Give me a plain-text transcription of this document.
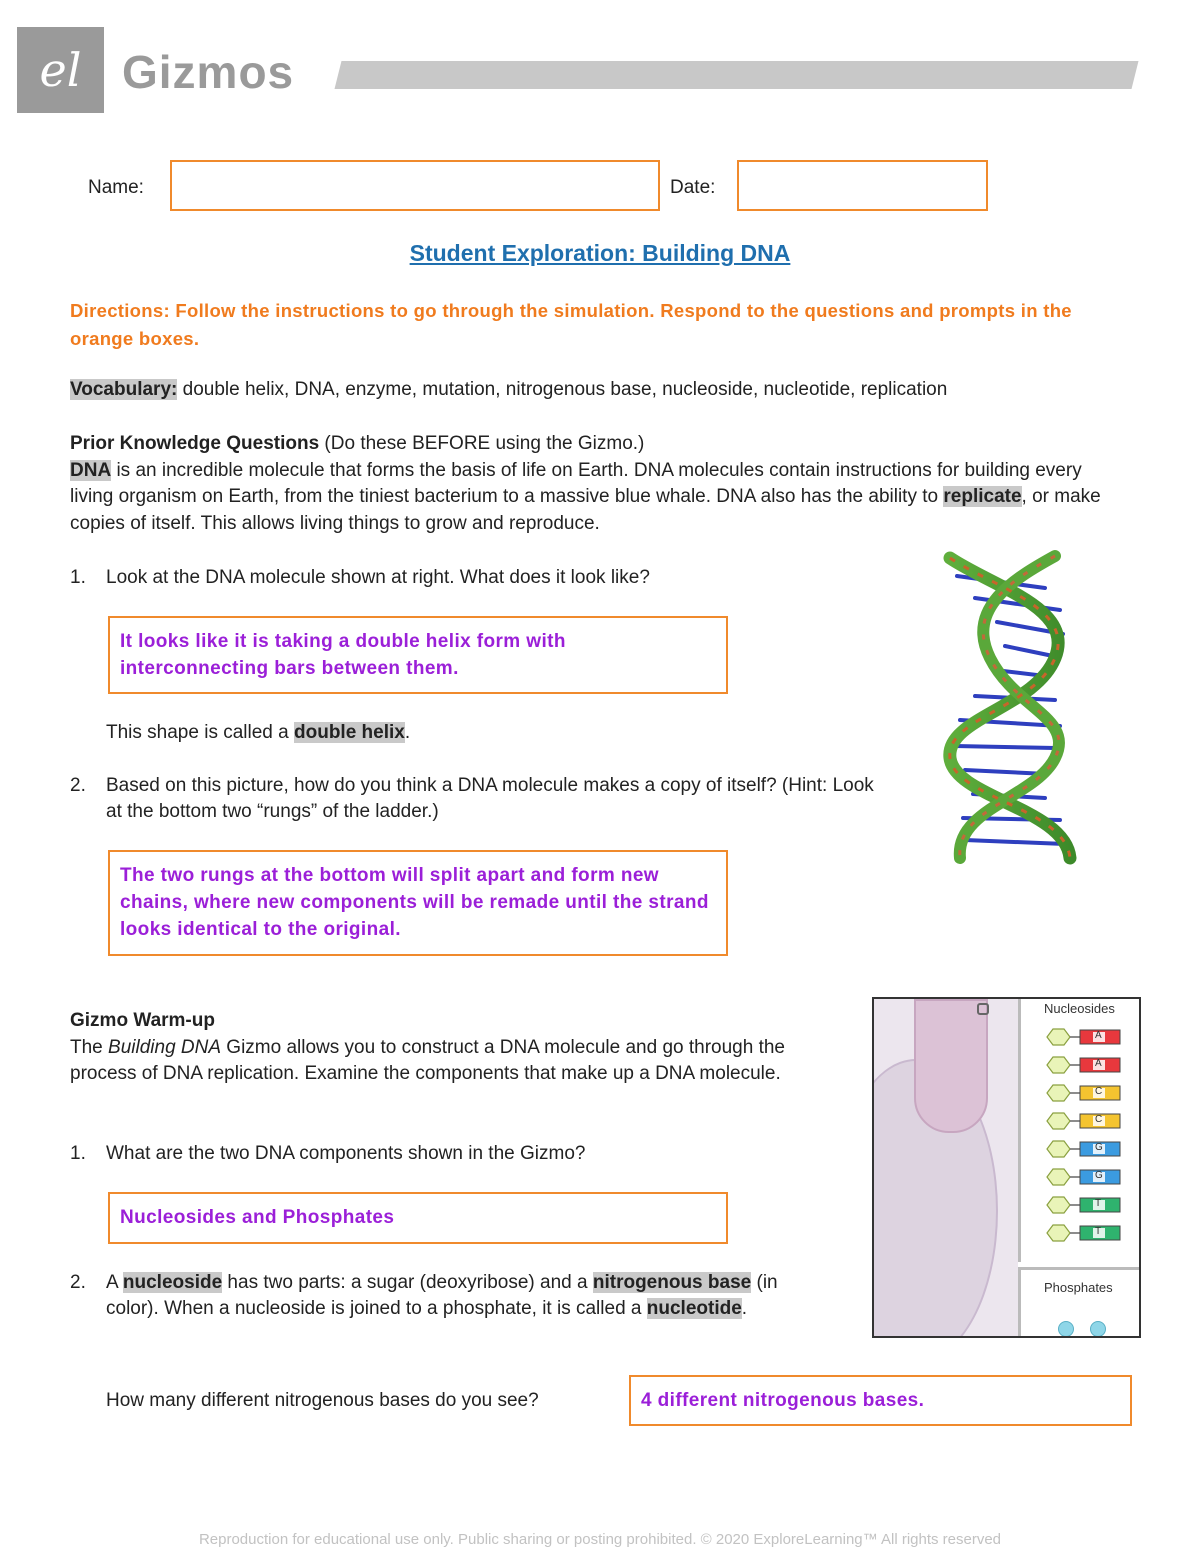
el Gizmos
Name:	Date:
Student Exploration: Building DNA
Directions: Follow the instructions to go through the simulation. Respond to the questions and prompts in the orange boxes.
Vocabulary: double helix, DNA, enzyme, mutation, nitrogenous base, nucleoside, nucleotide, replication
Prior Knowledge Questions (Do these BEFORE using the Gizmo.)
DNA is an incredible molecule that forms the basis of life on Earth. DNA molecules contain instructions for building every living organism on Earth, from the tiniest bacterium to a massive blue whale. DNA also has the ability to replicate, or make copies of itself. This allows living things to grow and reproduce.
1.	Look at the DNA molecule shown at right. What does it look like?
It looks like it is taking a double helix form with interconnecting bars between them.
This shape is called a double helix.
2.	Based on this picture, how do you think a DNA molecule makes a copy of itself? (Hint: Look at the bottom two “rungs” of the ladder.)
The two rungs at the bottom will split apart and form new chains, where new components will be remade until the strand looks identical to the original.
Gizmo Warm-up
The Building DNA Gizmo allows you to construct a DNA molecule and go through the process of DNA replication. Examine the components that make up a DNA molecule.
1.	What are the two DNA components shown in the Gizmo?
Nucleosides and Phosphates
2.	A nucleoside has two parts: a sugar (deoxyribose) and a nitrogenous base (in color). When a nucleoside is joined to a phosphate, it is called a nucleotide.
How many different nitrogenous bases do you see?	4 different nitrogenous bases.
Nucleosides
A
A
C
C
G
G
T
T
Phosphates
Reproduction for educational use only. Public sharing or posting prohibited. © 2020 ExploreLearning™ All rights reserved
